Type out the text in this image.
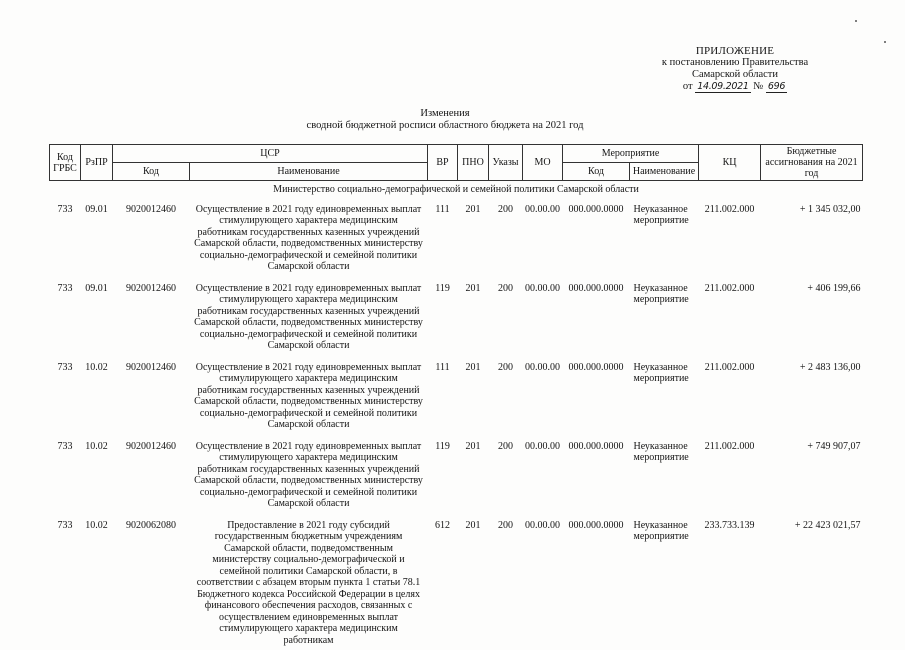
ПРИЛОЖЕНИЕ
к постановлению Правительства
Самарской области
от 14.09.2021 № 696
Изменения
сводной бюджетной росписи областного бюджета на 2021 год
Код ГРБС	РзПР	ЦСР		ВР	ПНО	Указы	МО	Мероприятие		КЦ	Бюджетные ассигнования на 2021 год
		Код	Наименование					Код	Наименование		
Министерство социально-демографической и семейной политики Самарской области											
733	09.01	9020012460	Осуществление в 2021 году единовременных выплат стимулирующего характера медицинским работникам государственных казенных учреждений Самарской области, подведомственных министерству социально-демографической и семейной политики Самарской области	111	201	200	00.00.00	000.000.0000	Неуказанное мероприятие	211.002.000	+ 1 345 032,00
733	09.01	9020012460	Осуществление в 2021 году единовременных выплат стимулирующего характера медицинским работникам государственных казенных учреждений Самарской области, подведомственных министерству социально-демографической и семейной политики Самарской области	119	201	200	00.00.00	000.000.0000	Неуказанное мероприятие	211.002.000	+ 406 199,66
733	10.02	9020012460	Осуществление в 2021 году единовременных выплат стимулирующего характера медицинским работникам государственных казенных учреждений Самарской области, подведомственных министерству социально-демографической и семейной политики Самарской области	111	201	200	00.00.00	000.000.0000	Неуказанное мероприятие	211.002.000	+ 2 483 136,00
733	10.02	9020012460	Осуществление в 2021 году единовременных выплат стимулирующего характера медицинским работникам государственных казенных учреждений Самарской области, подведомственных министерству социально-демографической и семейной политики Самарской области	119	201	200	00.00.00	000.000.0000	Неуказанное мероприятие	211.002.000	+ 749 907,07
733	10.02	9020062080	Предоставление в 2021 году субсидий государственным бюджетным учреждениям Самарской области, подведомственным министерству социально-демографической и семейной политики Самарской области, в соответствии с абзацем вторым пункта 1 статьи 78.1 Бюджетного кодекса Российской Федерации в целях финансового обеспечения расходов, связанных с осуществлением единовременных выплат стимулирующего характера медицинским работникам	612	201	200	00.00.00	000.000.0000	Неуказанное мероприятие	233.733.139	+ 22 423 021,57
